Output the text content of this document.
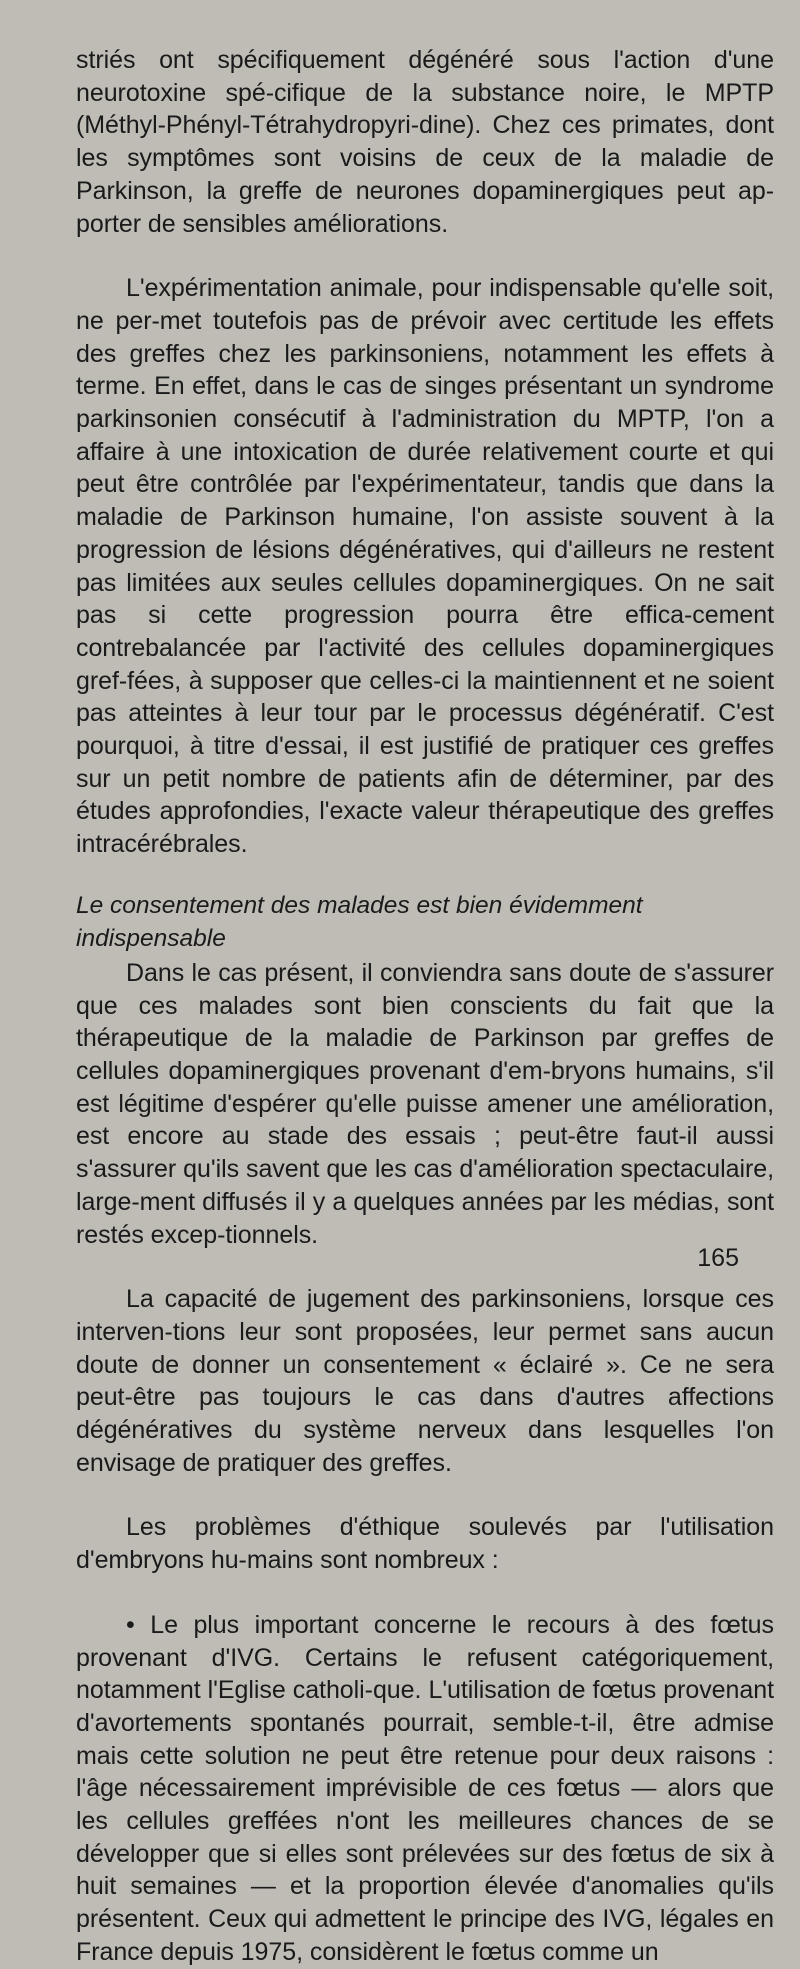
striés ont spécifiquement dégénéré sous l'action d'une neurotoxine spé-cifique de la substance noire, le MPTP (Méthyl-Phényl-Tétrahydropyri-dine). Chez ces primates, dont les symptômes sont voisins de ceux de la maladie de Parkinson, la greffe de neurones dopaminergiques peut ap-porter de sensibles améliorations.

L'expérimentation animale, pour indispensable qu'elle soit, ne per-met toutefois pas de prévoir avec certitude les effets des greffes chez les parkinsoniens, notamment les effets à terme. En effet, dans le cas de singes présentant un syndrome parkinsonien consécutif à l'administration du MPTP, l'on a affaire à une intoxication de durée relativement courte et qui peut être contrôlée par l'expérimentateur, tandis que dans la maladie de Parkinson humaine, l'on assiste souvent à la progression de lésions dégénératives, qui d'ailleurs ne restent pas limitées aux seules cellules dopaminergiques. On ne sait pas si cette progression pourra être effica-cement contrebalancée par l'activité des cellules dopaminergiques gref-fées, à supposer que celles-ci la maintiennent et ne soient pas atteintes à leur tour par le processus dégénératif. C'est pourquoi, à titre d'essai, il est justifié de pratiquer ces greffes sur un petit nombre de patients afin de déterminer, par des études approfondies, l'exacte valeur thérapeutique des greffes intracérébrales.

Le consentement des malades est bien évidemment indispensable

Dans le cas présent, il conviendra sans doute de s'assurer que ces malades sont bien conscients du fait que la thérapeutique de la maladie de Parkinson par greffes de cellules dopaminergiques provenant d'em-bryons humains, s'il est légitime d'espérer qu'elle puisse amener une amélioration, est encore au stade des essais ; peut-être faut-il aussi s'assurer qu'ils savent que les cas d'amélioration spectaculaire, large-ment diffusés il y a quelques années par les médias, sont restés excep-tionnels.

La capacité de jugement des parkinsoniens, lorsque ces interven-tions leur sont proposées, leur permet sans aucun doute de donner un consentement « éclairé ». Ce ne sera peut-être pas toujours le cas dans d'autres affections dégénératives du système nerveux dans lesquelles l'on envisage de pratiquer des greffes.

Les problèmes d'éthique soulevés par l'utilisation d'embryons hu-mains sont nombreux :

• Le plus important concerne le recours à des fœtus provenant d'IVG. Certains le refusent catégoriquement, notamment l'Eglise catholi-que. L'utilisation de fœtus provenant d'avortements spontanés pourrait, semble-t-il, être admise mais cette solution ne peut être retenue pour deux raisons : l'âge nécessairement imprévisible de ces fœtus — alors que les cellules greffées n'ont les meilleures chances de se développer que si elles sont prélevées sur des fœtus de six à huit semaines — et la proportion élevée d'anomalies qu'ils présentent. Ceux qui admettent le principe des IVG, légales en France depuis 1975, considèrent le fœtus comme un

165
